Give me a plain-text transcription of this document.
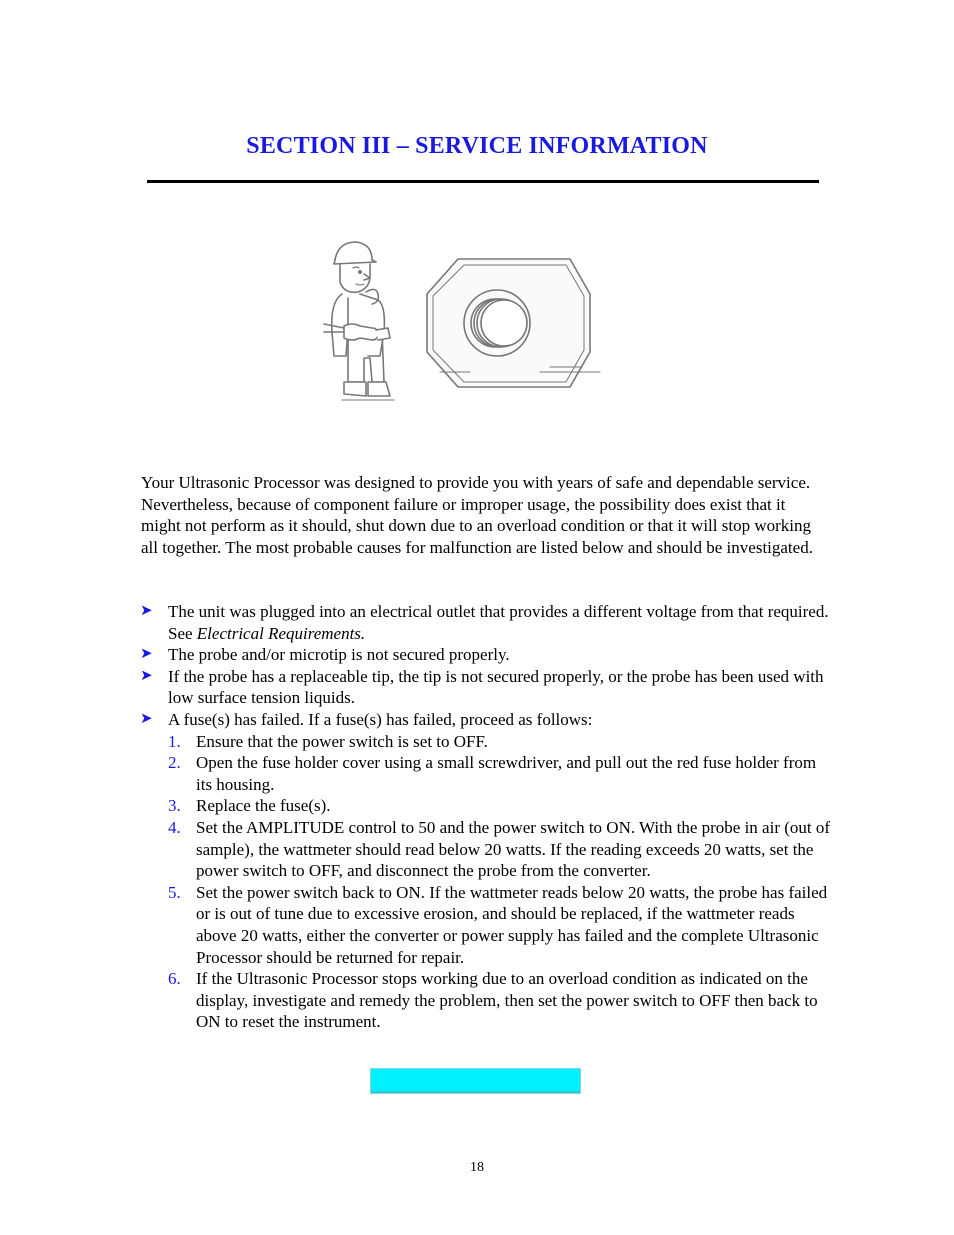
SECTION III – SERVICE INFORMATION

Your Ultrasonic Processor was designed to provide you with years of safe and dependable service. Nevertheless, because of component failure or improper usage, the possibility does exist that it might not perform as it should, shut down due to an overload condition or that it will stop working all together. The most probable causes for malfunction are listed below and should be investigated.

➤ The unit was plugged into an electrical outlet that provides a different voltage from that required. See Electrical Requirements.
➤ The probe and/or microtip is not secured properly.
➤ If the probe has a replaceable tip, the tip is not secured properly, or the probe has been used with low surface tension liquids.
➤ A fuse(s) has failed. If a fuse(s) has failed, proceed as follows:
1. Ensure that the power switch is set to OFF.
2. Open the fuse holder cover using a small screwdriver, and pull out the red fuse holder from its housing.
3. Replace the fuse(s).
4. Set the AMPLITUDE control to 50 and the power switch to ON. With the probe in air (out of sample), the wattmeter should read below 20 watts. If the reading exceeds 20 watts, set the power switch to OFF, and disconnect the probe from the converter.
5. Set the power switch back to ON. If the wattmeter reads below 20 watts, the probe has failed or is out of tune due to excessive erosion, and should be replaced, if the wattmeter reads above 20 watts, either the converter or power supply has failed and the complete Ultrasonic Processor should be returned for repair.
6. If the Ultrasonic Processor stops working due to an overload condition as indicated on the display, investigate and remedy the problem, then set the power switch to OFF then back to ON to reset the instrument.
18
